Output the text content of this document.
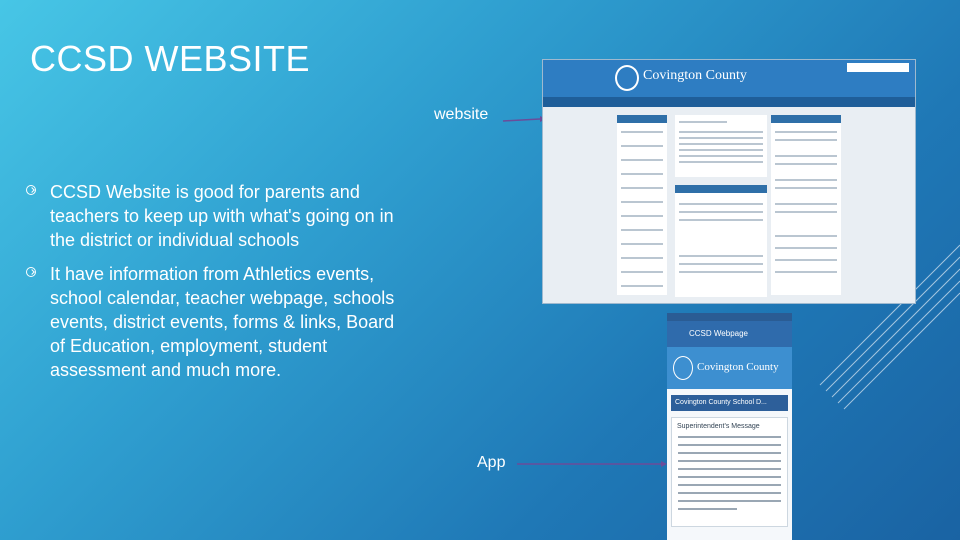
CCSD WEBSITE
CCSD Website is good for parents and teachers to keep up with what's going on in the district or individual schools
It have information from Athletics events, school calendar, teacher webpage, schools events, district events, forms & links, Board of Education, employment, student assessment and much more.
website
App
Covington County
CCSD Webpage
Covington County
Covington County School D...
Superintendent's Message
